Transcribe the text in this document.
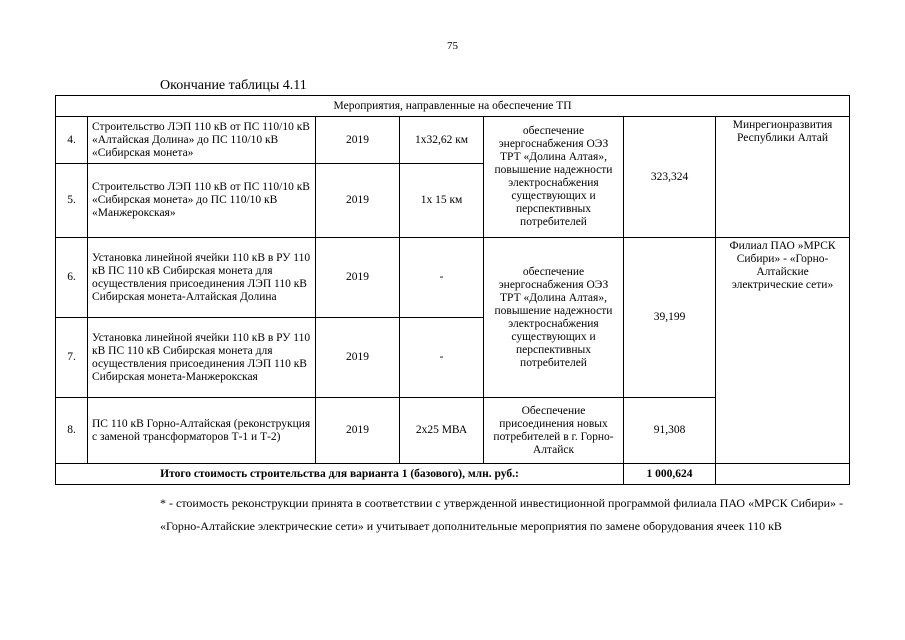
75
Окончание таблицы 4.11
Мероприятия, направленные на обеспечение ТП						
4.	Строительство ЛЭП 110 кВ от ПС 110/10 кВ «Алтайская Долина» до ПС 110/10 кВ «Сибирская монета»	2019	1х32,62 км	обеспечение энергоснабжения ОЭЗ ТРТ «Долина Алтая», повышение надежности электроснабжения существующих и перспективных потребителей	323,324	Минрегионразвития Республики Алтай
5.	Строительство ЛЭП 110 кВ от ПС 110/10 кВ «Сибирская монета» до ПС 110/10 кВ «Манжерокская»	2019	1х 15 км			
6.	Установка линейной ячейки 110 кВ в РУ 110 кВ ПС 110 кВ Сибирская монета для осуществления присоединения ЛЭП 110 кВ Сибирская монета-Алтайская Долина	2019	-	обеспечение энергоснабжения ОЭЗ ТРТ «Долина Алтая», повышение надежности электроснабжения существующих и перспективных потребителей	39,199	Филиал ПАО »МРСК Сибири» - «Горно-Алтайские электрические сети»
7.	Установка линейной ячейки 110 кВ в РУ 110 кВ ПС 110 кВ Сибирская монета для осуществления присоединения ЛЭП 110 кВ Сибирская монета-Манжерокская	2019	-			
8.	ПС 110 кВ Горно-Алтайская (реконструкция с заменой трансформаторов Т-1 и Т-2)	2019	2х25 МВА	Обеспечение присоединения новых потребителей в г. Горно-Алтайск	91,308	
Итого стоимость строительства для варианта 1 (базового), млн. руб.:					1 000,624	
* - стоимость реконструкции принята в соответствии с утвержденной инвестиционной программой филиала ПАО «МРСК Сибири» - «Горно-Алтайские электрические сети» и учитывает дополнительные мероприятия по замене оборудования ячеек 110 кВ
